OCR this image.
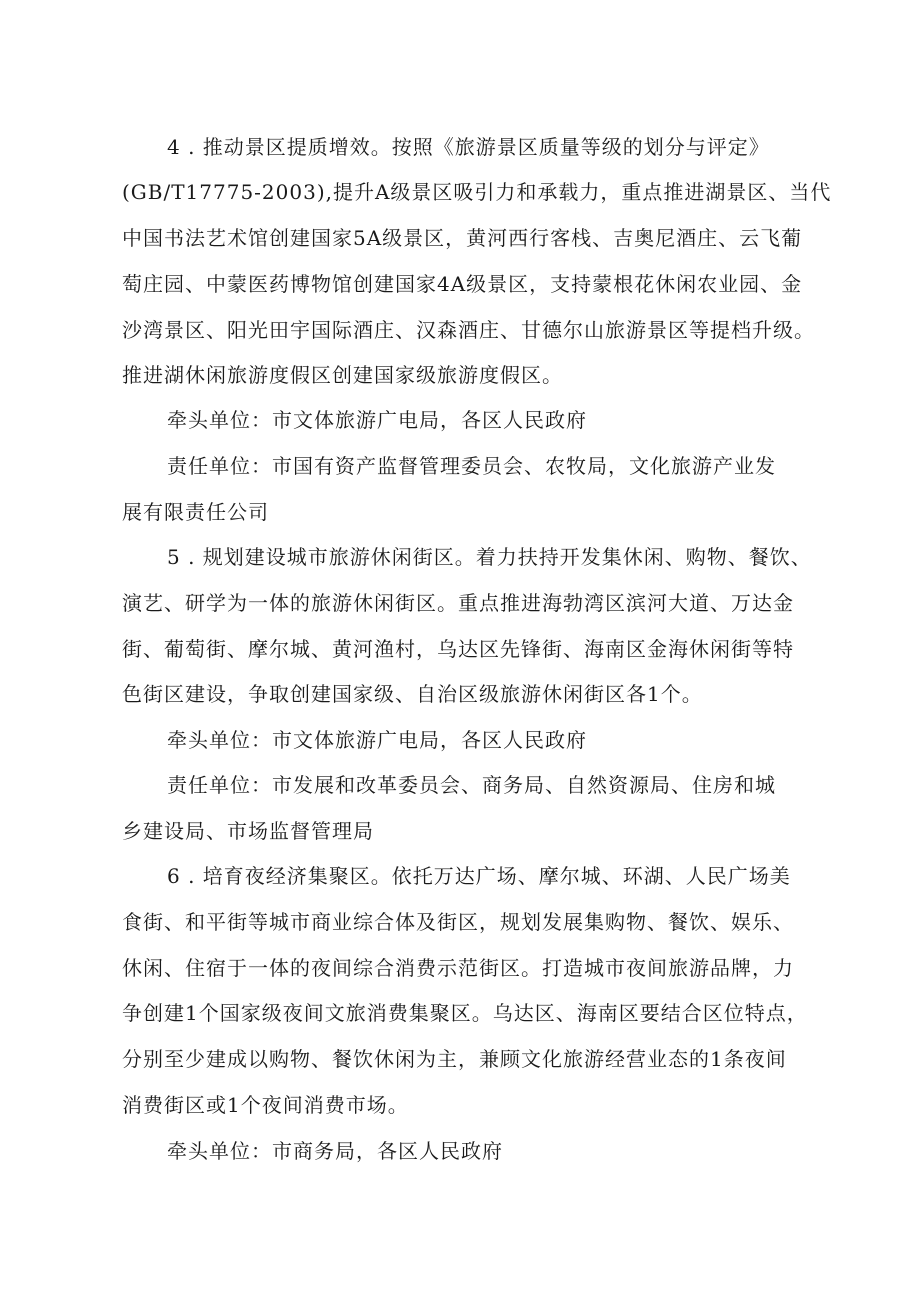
4 . 推动景区提质增效。按照《旅游景区质量等级的划分与评定》
(GB/T17775-2003),提升A级景区吸引力和承载力，重点推进湖景区、当代
中国书法艺术馆创建国家5A级景区，黄河西行客栈、吉奥尼酒庄、云飞葡
萄庄园、中蒙医药博物馆创建国家4A级景区，支持蒙根花休闲农业园、金
沙湾景区、阳光田宇国际酒庄、汉森酒庄、甘德尔山旅游景区等提档升级。
推进湖休闲旅游度假区创建国家级旅游度假区。
牵头单位：市文体旅游广电局，各区人民政府
责任单位：市国有资产监督管理委员会、农牧局，文化旅游产业发
展有限责任公司
5 . 规划建设城市旅游休闲街区。着力扶持开发集休闲、购物、餐饮、
演艺、研学为一体的旅游休闲街区。重点推进海勃湾区滨河大道、万达金
街、葡萄街、摩尔城、黄河渔村，乌达区先锋街、海南区金海休闲街等特
色街区建设，争取创建国家级、自治区级旅游休闲街区各1个。
牵头单位：市文体旅游广电局，各区人民政府
责任单位：市发展和改革委员会、商务局、自然资源局、住房和城
乡建设局、市场监督管理局
6 . 培育夜经济集聚区。依托万达广场、摩尔城、环湖、人民广场美
食街、和平街等城市商业综合体及街区，规划发展集购物、餐饮、娱乐、
休闲、住宿于一体的夜间综合消费示范街区。打造城市夜间旅游品牌，力
争创建1个国家级夜间文旅消费集聚区。乌达区、海南区要结合区位特点，
分别至少建成以购物、餐饮休闲为主，兼顾文化旅游经营业态的1条夜间
消费街区或1个夜间消费市场。
牵头单位：市商务局，各区人民政府
